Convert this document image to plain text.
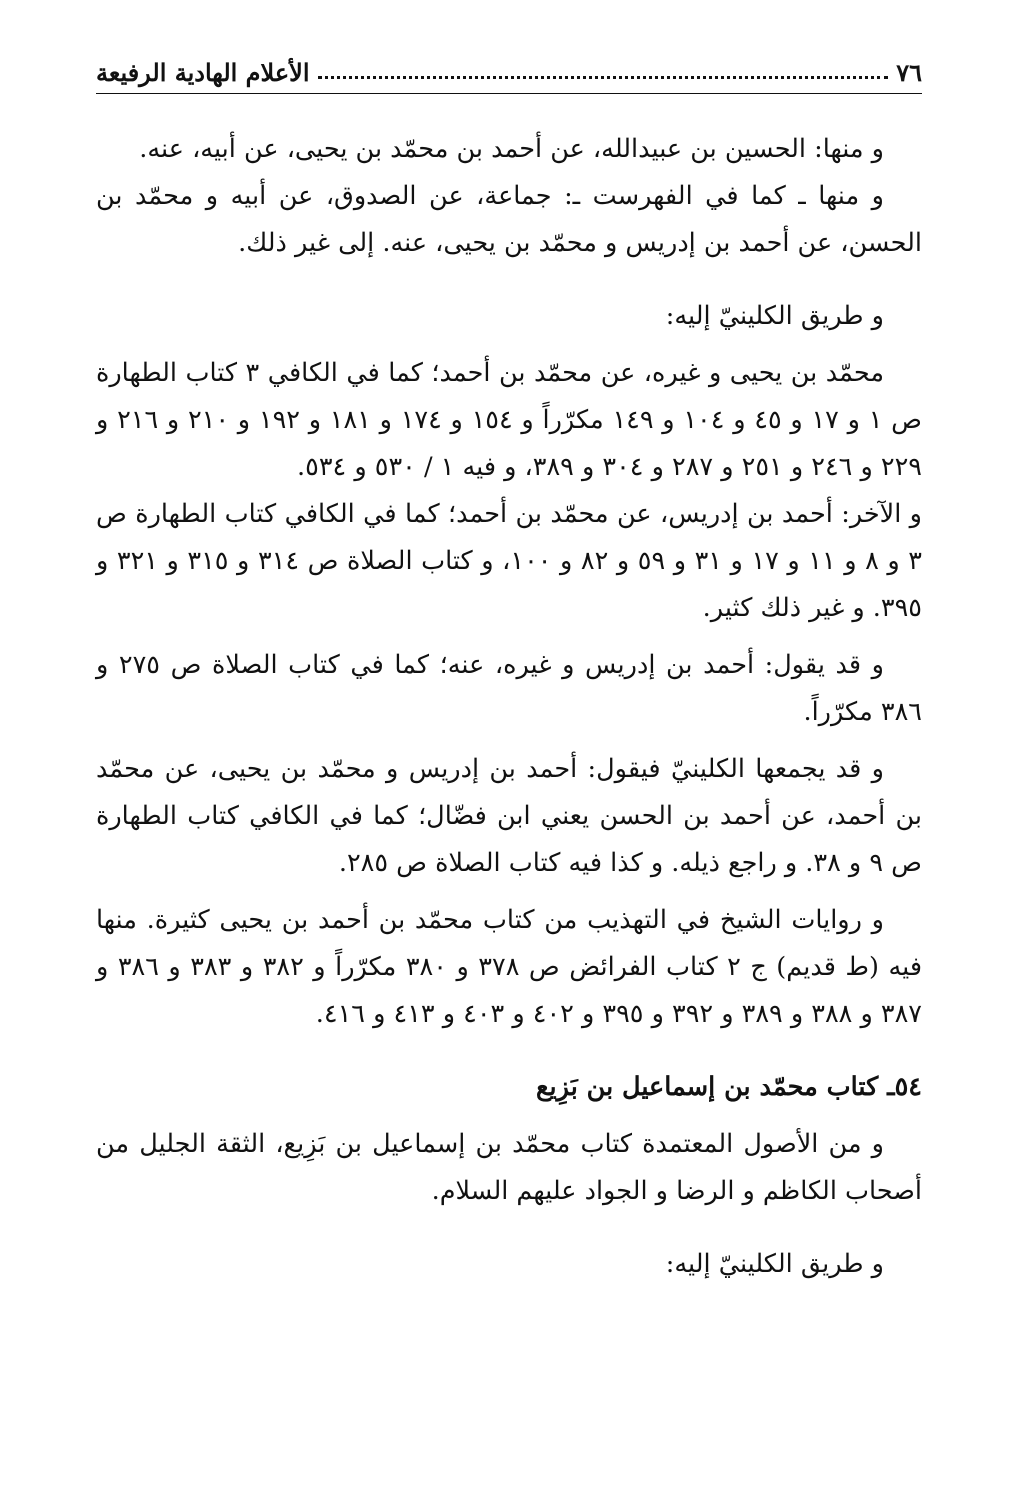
٧٦
الأعلام الهادية الرفيعة

و منها: الحسين بن عبيدالله، عن أحمد بن محمّد بن يحيى، عن أبيه، عنه.

و منها ـ كما في الفهرست ـ: جماعة، عن الصدوق، عن أبيه و محمّد بن الحسن، عن أحمد بن إدريس و محمّد بن يحيى، عنه. إلى غير ذلك.

و طريق الكلينيّ إليه:

محمّد بن يحيى و غيره، عن محمّد بن أحمد؛ كما في الكافي ٣ كتاب الطهارة ص ١ و ١٧ و ٤٥ و ١٠٤ و ١٤٩ مكرّراً و ١٥٤ و ١٧٤ و ١٨١ و ١٩٢ و ٢١٠ و ٢١٦ و ٢٢٩ و ٢٤٦ و ٢٥١ و ٢٨٧ و ٣٠٤ و ٣٨٩، و فيه ١ / ٥٣٠ و ٥٣٤.

و الآخر: أحمد بن إدريس، عن محمّد بن أحمد؛ كما في الكافي كتاب الطهارة ص ٣ و ٨ و ١١ و ١٧ و ٣١ و ٥٩ و ٨٢ و ١٠٠، و كتاب الصلاة ص ٣١٤ و ٣١٥ و ٣٢١ و ٣٩٥. و غير ذلك كثير.

و قد يقول: أحمد بن إدريس و غيره، عنه؛ كما في كتاب الصلاة ص ٢٧٥ و ٣٨٦ مكرّراً.

و قد يجمعها الكلينيّ فيقول: أحمد بن إدريس و محمّد بن يحيى، عن محمّد بن أحمد، عن أحمد بن الحسن يعني ابن فضّال؛ كما في الكافي كتاب الطهارة ص ٩ و ٣٨. و راجع ذيله. و كذا فيه كتاب الصلاة ص ٢٨٥.

و روايات الشيخ في التهذيب من كتاب محمّد بن أحمد بن يحيى كثيرة. منها فيه (ط قديم) ج ٢ كتاب الفرائض ص ٣٧٨ و ٣٨٠ مكرّراً و ٣٨٢ و ٣٨٣ و ٣٨٦ و ٣٨٧ و ٣٨٨ و ٣٨٩ و ٣٩٢ و ٣٩٥ و ٤٠٢ و ٤٠٣ و ٤١٣ و ٤١٦.

٥٤ـ كتاب محمّد بن إسماعيل بن بَزِيع

و من الأصول المعتمدة كتاب محمّد بن إسماعيل بن بَزِيع، الثقة الجليل من أصحاب الكاظم و الرضا و الجواد عليهم السلام.

و طريق الكلينيّ إليه:
